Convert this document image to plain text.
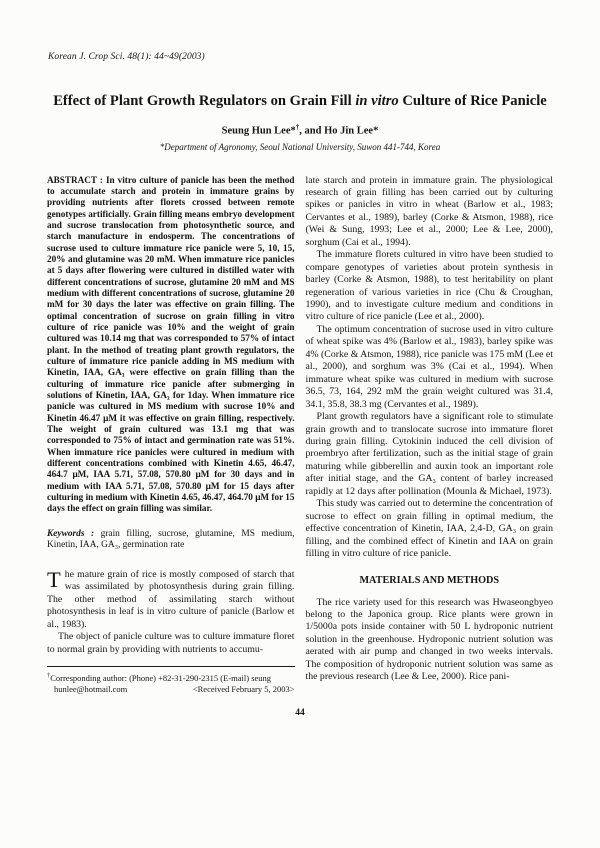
Korean J. Crop Sci. 48(1): 44~49(2003)
Effect of Plant Growth Regulators on Grain Fill in vitro Culture of Rice Panicle
Seung Hun Lee*†, and Ho Jin Lee*
*Department of Agronomy, Seoul National University, Suwon 441-744, Korea

ABSTRACT : In vitro culture of panicle has been the method to accumulate starch and protein in immature grains by providing nutrients after florets crossed between remote genotypes artificially. Grain filling means embryo development and sucrose translocation from photosynthetic source, and starch manufacture in endosperm. The concentrations of sucrose used to culture immature rice panicle were 5, 10, 15, 20% and glutamine was 20 mM. When immature rice panicles at 5 days after flowering were cultured in distilled water with different concentrations of sucrose, glutamine 20 mM and MS medium with different concentrations of sucrose, glutamine 20 mM for 30 days the later was effective on grain filling. The optimal concentration of sucrose on grain filling in vitro culture of rice panicle was 10% and the weight of grain cultured was 10.14 mg that was corresponded to 57% of intact plant. In the method of treating plant growth regulators, the culture of immature rice panicle adding in MS medium with Kinetin, IAA, GA₃ were effective on grain filling than the culturing of immature rice panicle after submerging in solutions of Kinetin, IAA, GA₃ for 1day. When immature rice panicle was cultured in MS medium with sucrose 10% and Kinetin 46.47 μM it was effective on grain filling, respectively. The weight of grain cultured was 13.1 mg that was corresponded to 75% of intact and germination rate was 51%. When immature rice panicles were cultured in medium with different concentrations combined with Kinetin 4.65, 46.47, 464.7 μM, IAA 5.71, 57.08, 570.80 μM for 30 days and in medium with IAA 5.71, 57.08, 570.80 μM for 15 days after culturing in medium with Kinetin 4.65, 46.47, 464.70 μM for 15 days the effect on grain filling was similar.

Keywords : grain filling, sucrose, glutamine, MS medium, Kinetin, IAA, GA₃, germination rate

The mature grain of rice is mostly composed of starch that was assimilated by photosynthesis during grain filling. The other method of assimilating starch without photosynthesis in leaf is in vitro culture of panicle (Barlow et al., 1983).

The object of panicle culture was to culture immature floret to normal grain by providing with nutrients to accumu-

†Corresponding author: (Phone) +82-31-290-2315 (E-mail) seung
hunlee@hotmail.com	<Received February 5, 2003>

late starch and protein in immature grain. The physiological research of grain filling has been carried out by culturing spikes or panicles in vitro in wheat (Barlow et al., 1983; Cervantes et al., 1989), barley (Corke & Atsmon, 1988), rice (Wei & Sung, 1993; Lee et al., 2000; Lee & Lee, 2000), sorghum (Cai et al., 1994).

The immature florets cultured in vitro have been studied to compare genotypes of varieties about protein synthesis in barley (Corke & Atsmon, 1988), to test heritability on plant regeneration of various varieties in rice (Chu & Croughan, 1990), and to investigate culture medium and conditions in vitro culture of rice panicle (Lee et al., 2000).

The optimum concentration of sucrose used in vitro culture of wheat spike was 4% (Barlow et al., 1983), barley spike was 4% (Corke & Atsmon, 1988), rice panicle was 175 mM (Lee et al., 2000), and sorghum was 3% (Cai et al., 1994). When immature wheat spike was cultured in medium with sucrose 36.5, 73, 164, 292 mM the grain weight cultured was 31.4, 34.1, 35.8, 38.3 mg (Cervantes et al., 1989).

Plant growth regulators have a significant role to stimulate grain growth and to translocate sucrose into immature floret during grain filling. Cytokinin induced the cell division of proembryo after fertilization, such as the initial stage of grain maturing while gibberellin and auxin took an important role after initial stage, and the GA₃ content of barley increased rapidly at 12 days after pollination (Mounla & Michael, 1973).

This study was carried out to determine the concentration of sucrose to effect on grain filling in optimal medium, the effective concentration of Kinetin, IAA, 2,4-D, GA₃ on grain filling, and the combined effect of Kinetin and IAA on grain filling in vitro culture of rice panicle.

MATERIALS AND METHODS

The rice variety used for this research was Hwaseongbyeo belong to the Japonica group. Rice plants were grown in 1/5000a pots inside container with 50 L hydroponic nutrient solution in the greenhouse. Hydroponic nutrient solution was aerated with air pump and changed in two weeks intervals. The composition of hydroponic nutrient solution was same as the previous research (Lee & Lee, 2000). Rice pani-

44
